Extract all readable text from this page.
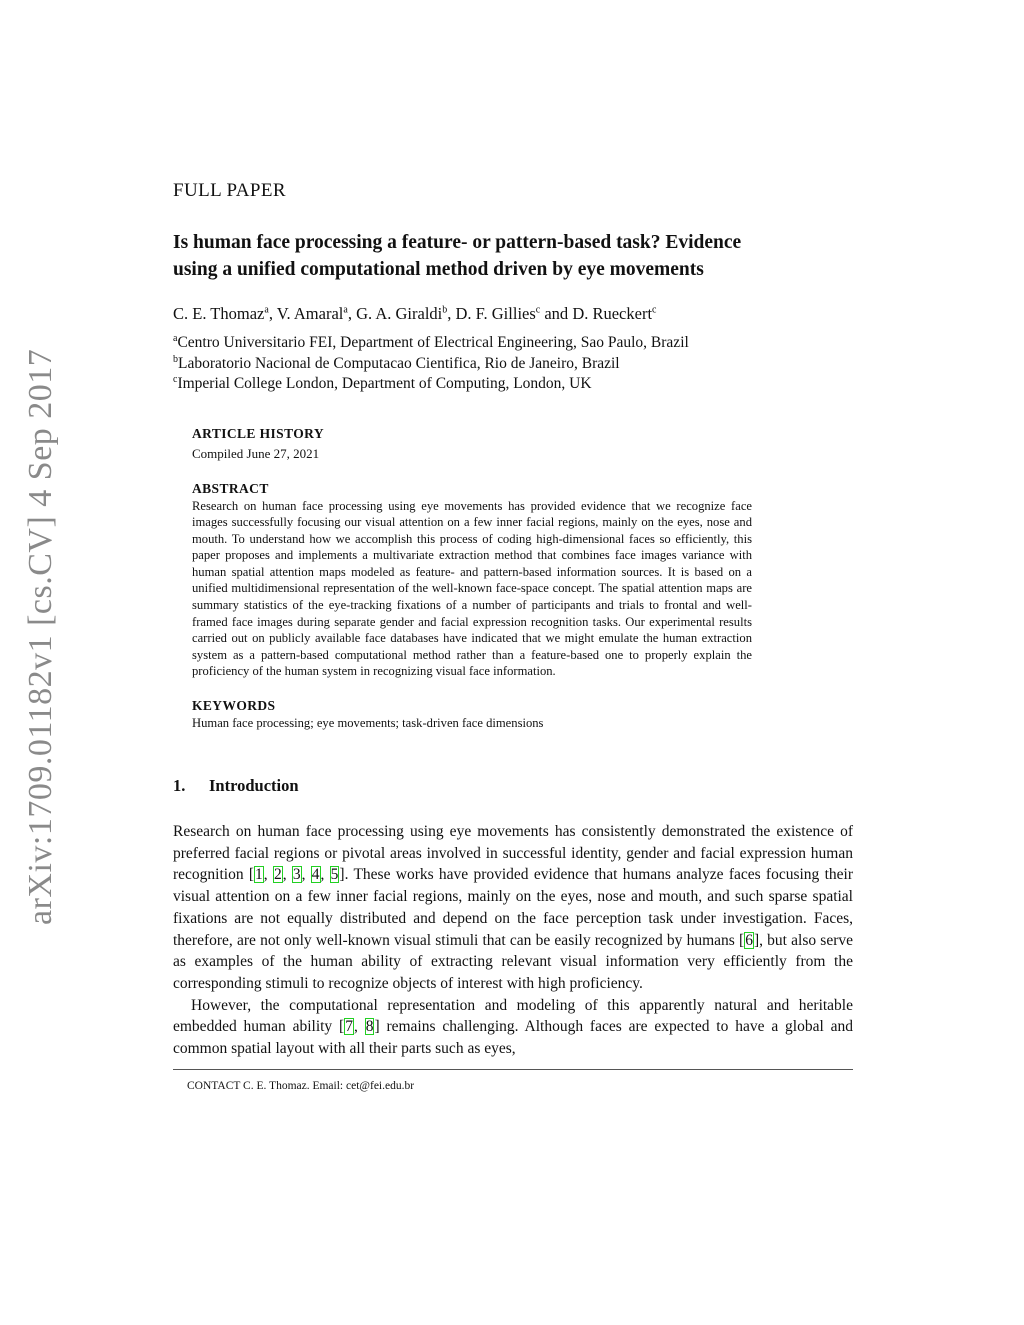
arXiv:1709.01182v1 [cs.CV] 4 Sep 2017

FULL PAPER

Is human face processing a feature- or pattern-based task? Evidence
using a unified computational method driven by eye movements
C. E. Thomaz$^a$, V. Amaral$^a$, G. A. Giraldi$^b$, D. F. Gillies$^c$ and D. Rueckert$^c$

$^a$Centro Universitario FEI, Department of Electrical Engineering, Sao Paulo, Brazil

$^b$Laboratorio Nacional de Computacao Cientifica, Rio de Janeiro, Brazil

$^c$Imperial College London, Department of Computing, London, UK

ARTICLE HISTORY

Compiled June 27, 2021

ABSTRACT

Research on human face processing using eye movements has provided evidence that we recognize face images successfully focusing our visual attention on a few inner facial regions, mainly on the eyes, nose and mouth. To understand how we accomplish this process of coding high-dimensional faces so efficiently, this paper proposes and implements a multivariate extraction method that combines face images variance with human spatial attention maps modeled as feature- and pattern-based information sources. It is based on a unified multidimensional representation of the well-known face-space concept. The spatial attention maps are summary statistics of the eye-tracking fixations of a number of participants and trials to frontal and well-framed face images during separate gender and facial expression recognition tasks. Our experimental results carried out on publicly available face databases have indicated that we might emulate the human extraction system as a pattern-based computational method rather than a feature-based one to properly explain the proficiency of the human system in recognizing visual face information.

KEYWORDS

Human face processing; eye movements; task-driven face dimensions

1. Introduction

Research on human face processing using eye movements has consistently demonstrated the existence of preferred facial regions or pivotal areas involved in successful identity, gender and facial expression human recognition [1, 2, 3, 4, 5]. These works have provided evidence that humans analyze faces focusing their visual attention on a few inner facial regions, mainly on the eyes, nose and mouth, and such sparse spatial fixations are not equally distributed and depend on the face perception task under investigation. Faces, therefore, are not only well-known visual stimuli that can be easily recognized by humans [6], but also serve as examples of the human ability of extracting relevant visual information very efficiently from the corresponding stimuli to recognize objects of interest with high proficiency.

However, the computational representation and modeling of this apparently natural and heritable embedded human ability [7, 8] remains challenging. Although faces are expected to have a global and common spatial layout with all their parts such as eyes,

CONTACT C. E. Thomaz. Email: cet@fei.edu.br
